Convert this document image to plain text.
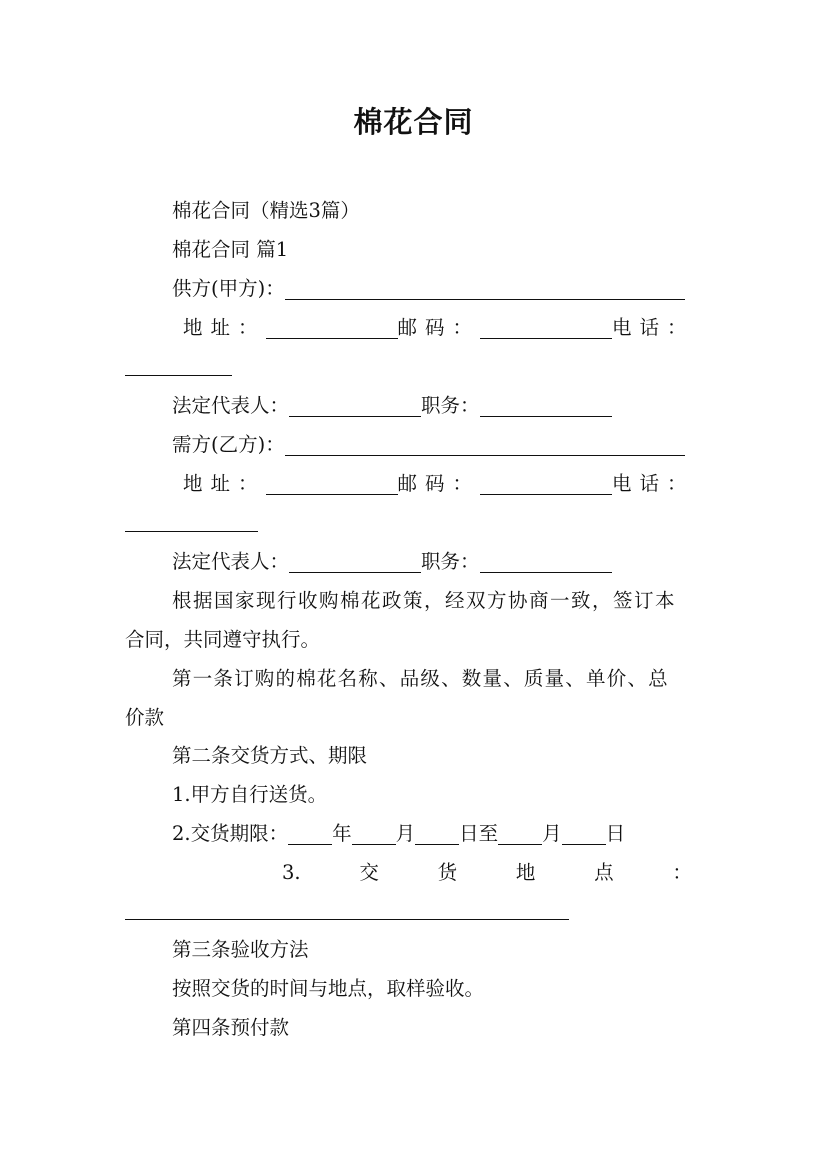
棉花合同
棉花合同（精选3篇）
棉花合同 篇1
供方(甲方)：
地址：	邮码：	电话：
法定代表人：	职务：
需方(乙方)：
地址：	邮码：	电话：
法定代表人：	职务：
根据国家现行收购棉花政策，经双方协商一致，签订本
合同，共同遵守执行。
第一条订购的棉花名称、品级、数量、质量、单价、总
价款
第二条交货方式、期限
1.甲方自行送货。
2.交货期限： 年 月 日至 月 日
3.	交	货	地	点	：
第三条验收方法
按照交货的时间与地点，取样验收。
第四条预付款
